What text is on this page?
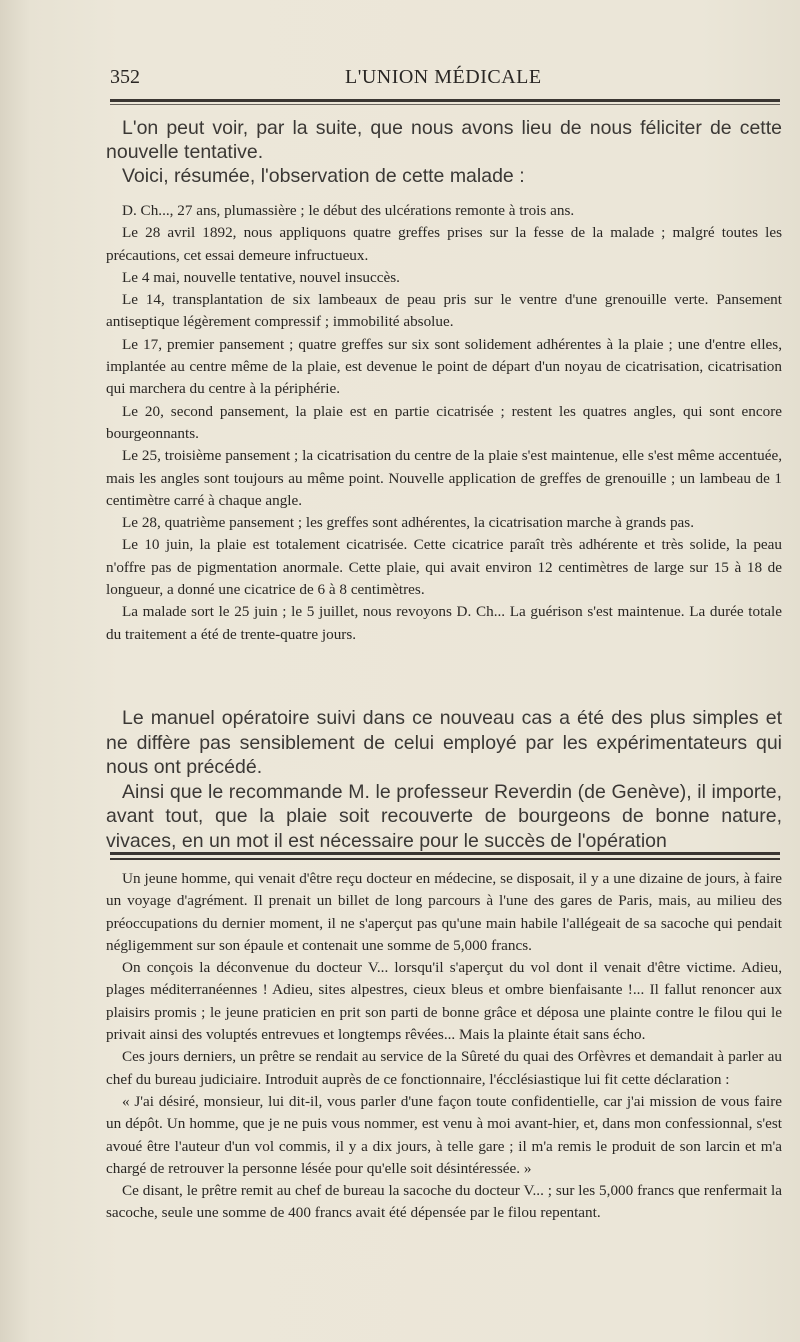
352	L'UNION MÉDICALE

L'on peut voir, par la suite, que nous avons lieu de nous féliciter de cette nouvelle tentative.

Voici, résumée, l'observation de cette malade :

D. Ch..., 27 ans, plumassière ; le début des ulcérations remonte à trois ans.

Le 28 avril 1892, nous appliquons quatre greffes prises sur la fesse de la malade ; malgré toutes les précautions, cet essai demeure infructueux.

Le 4 mai, nouvelle tentative, nouvel insuccès.

Le 14, transplantation de six lambeaux de peau pris sur le ventre d'une grenouille verte. Pansement antiseptique légèrement compressif ; immobilité absolue.

Le 17, premier pansement ; quatre greffes sur six sont solidement adhérentes à la plaie ; une d'entre elles, implantée au centre même de la plaie, est devenue le point de départ d'un noyau de cicatrisation, cicatrisation qui marchera du centre à la périphérie.

Le 20, second pansement, la plaie est en partie cicatrisée ; restent les quatres angles, qui sont encore bourgeonnants.

Le 25, troisième pansement ; la cicatrisation du centre de la plaie s'est maintenue, elle s'est même accentuée, mais les angles sont toujours au même point. Nouvelle application de greffes de grenouille ; un lambeau de 1 centimètre carré à chaque angle.

Le 28, quatrième pansement ; les greffes sont adhérentes, la cicatrisation marche à grands pas.

Le 10 juin, la plaie est totalement cicatrisée. Cette cicatrice paraît très adhérente et très solide, la peau n'offre pas de pigmentation anormale. Cette plaie, qui avait environ 12 centimètres de large sur 15 à 18 de longueur, a donné une cicatrice de 6 à 8 centimètres.

La malade sort le 25 juin ; le 5 juillet, nous revoyons D. Ch... La guérison s'est maintenue. La durée totale du traitement a été de trente-quatre jours.

Le manuel opératoire suivi dans ce nouveau cas a été des plus simples et ne diffère pas sensiblement de celui employé par les expérimentateurs qui nous ont précédé.

Ainsi que le recommande M. le professeur Reverdin (de Genève), il importe, avant tout, que la plaie soit recouverte de bourgeons de bonne nature, vivaces, en un mot il est nécessaire pour le succès de l'opération

Un jeune homme, qui venait d'être reçu docteur en médecine, se disposait, il y a une dizaine de jours, à faire un voyage d'agrément. Il prenait un billet de long parcours à l'une des gares de Paris, mais, au milieu des préoccupations du dernier moment, il ne s'aperçut pas qu'une main habile l'allégeait de sa sacoche qui pendait négligemment sur son épaule et contenait une somme de 5,000 francs.

On conçois la déconvenue du docteur V... lorsqu'il s'aperçut du vol dont il venait d'être victime. Adieu, plages méditerranéennes ! Adieu, sites alpestres, cieux bleus et ombre bienfaisante !... Il fallut renoncer aux plaisirs promis ; le jeune praticien en prit son parti de bonne grâce et déposa une plainte contre le filou qui le privait ainsi des voluptés entrevues et longtemps rêvées... Mais la plainte était sans écho.

Ces jours derniers, un prêtre se rendait au service de la Sûreté du quai des Orfèvres et demandait à parler au chef du bureau judiciaire. Introduit auprès de ce fonctionnaire, l'écclésiastique lui fit cette déclaration :

« J'ai désiré, monsieur, lui dit-il, vous parler d'une façon toute confidentielle, car j'ai mission de vous faire un dépôt. Un homme, que je ne puis vous nommer, est venu à moi avant-hier, et, dans mon confessionnal, s'est avoué être l'auteur d'un vol commis, il y a dix jours, à telle gare ; il m'a remis le produit de son larcin et m'a chargé de retrouver la personne lésée pour qu'elle soit désintéressée. »

Ce disant, le prêtre remit au chef de bureau la sacoche du docteur V... ; sur les 5,000 francs que renfermait la sacoche, seule une somme de 400 francs avait été dépensée par le filou repentant.
